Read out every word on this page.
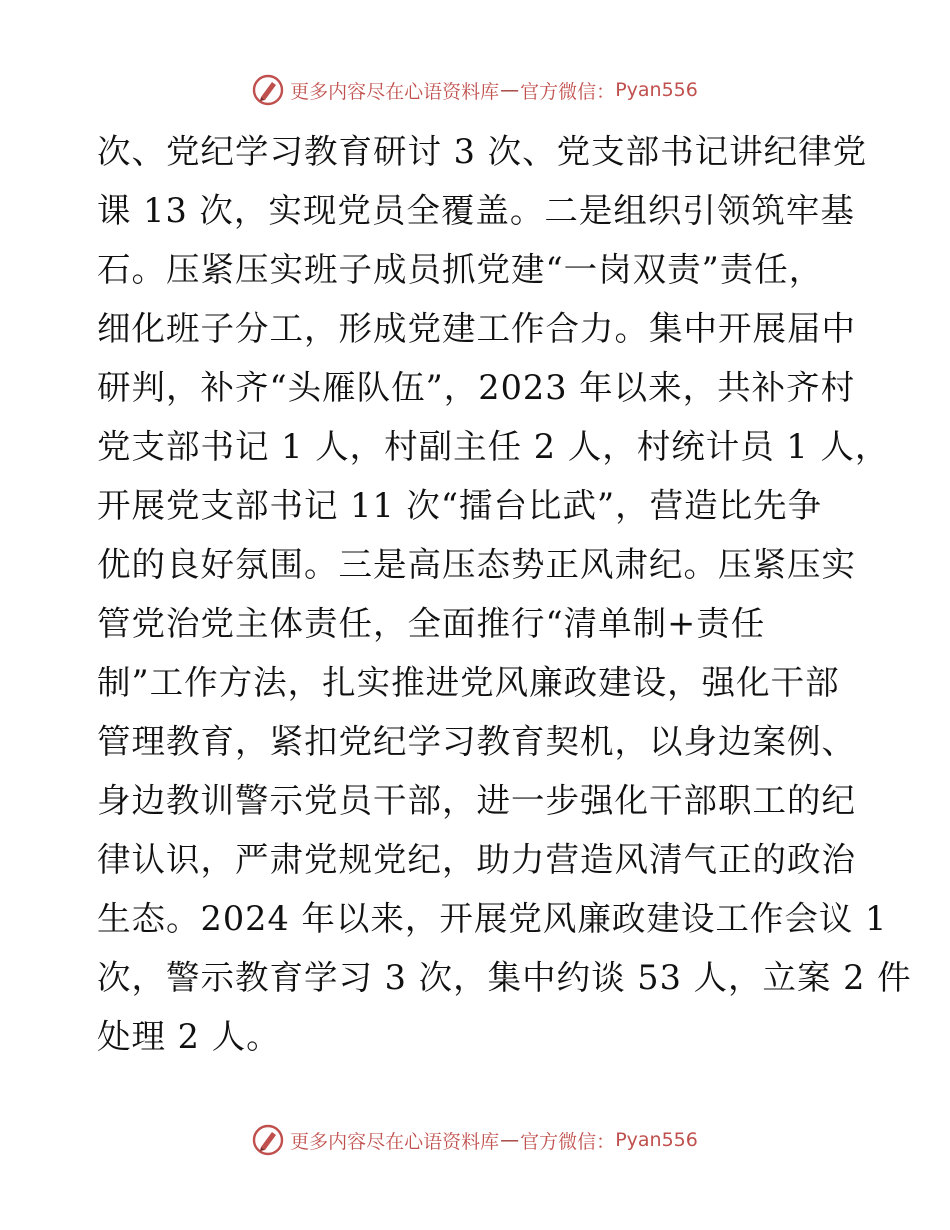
更多内容尽在心语资料库 — 官方微信： Pyan556
次、党纪学习教育研讨 3 次、党支部书记讲纪律党
课 13 次，实现党员全覆盖。二是组织引领筑牢基
石。压紧压实班子成员抓党建“一岗双责”责任，
细化班子分工，形成党建工作合力。集中开展届中
研判，补齐“头雁队伍”，2023 年以来，共补齐村
党支部书记 1 人，村副主任 2 人，村统计员 1 人，
开展党支部书记 11 次“擂台比武”，营造比先争
优的良好氛围。三是高压态势正风肃纪。压紧压实
管党治党主体责任，全面推行“清单制+责任
制”工作方法，扎实推进党风廉政建设，强化干部
管理教育，紧扣党纪学习教育契机，以身边案例、
身边教训警示党员干部，进一步强化干部职工的纪
律认识，严肃党规党纪，助力营造风清气正的政治
生态。2024 年以来，开展党风廉政建设工作会议 1
次，警示教育学习 3 次，集中约谈 53 人，立案 2 件
处理 2 人。
更多内容尽在心语资料库 — 官方微信： Pyan556
